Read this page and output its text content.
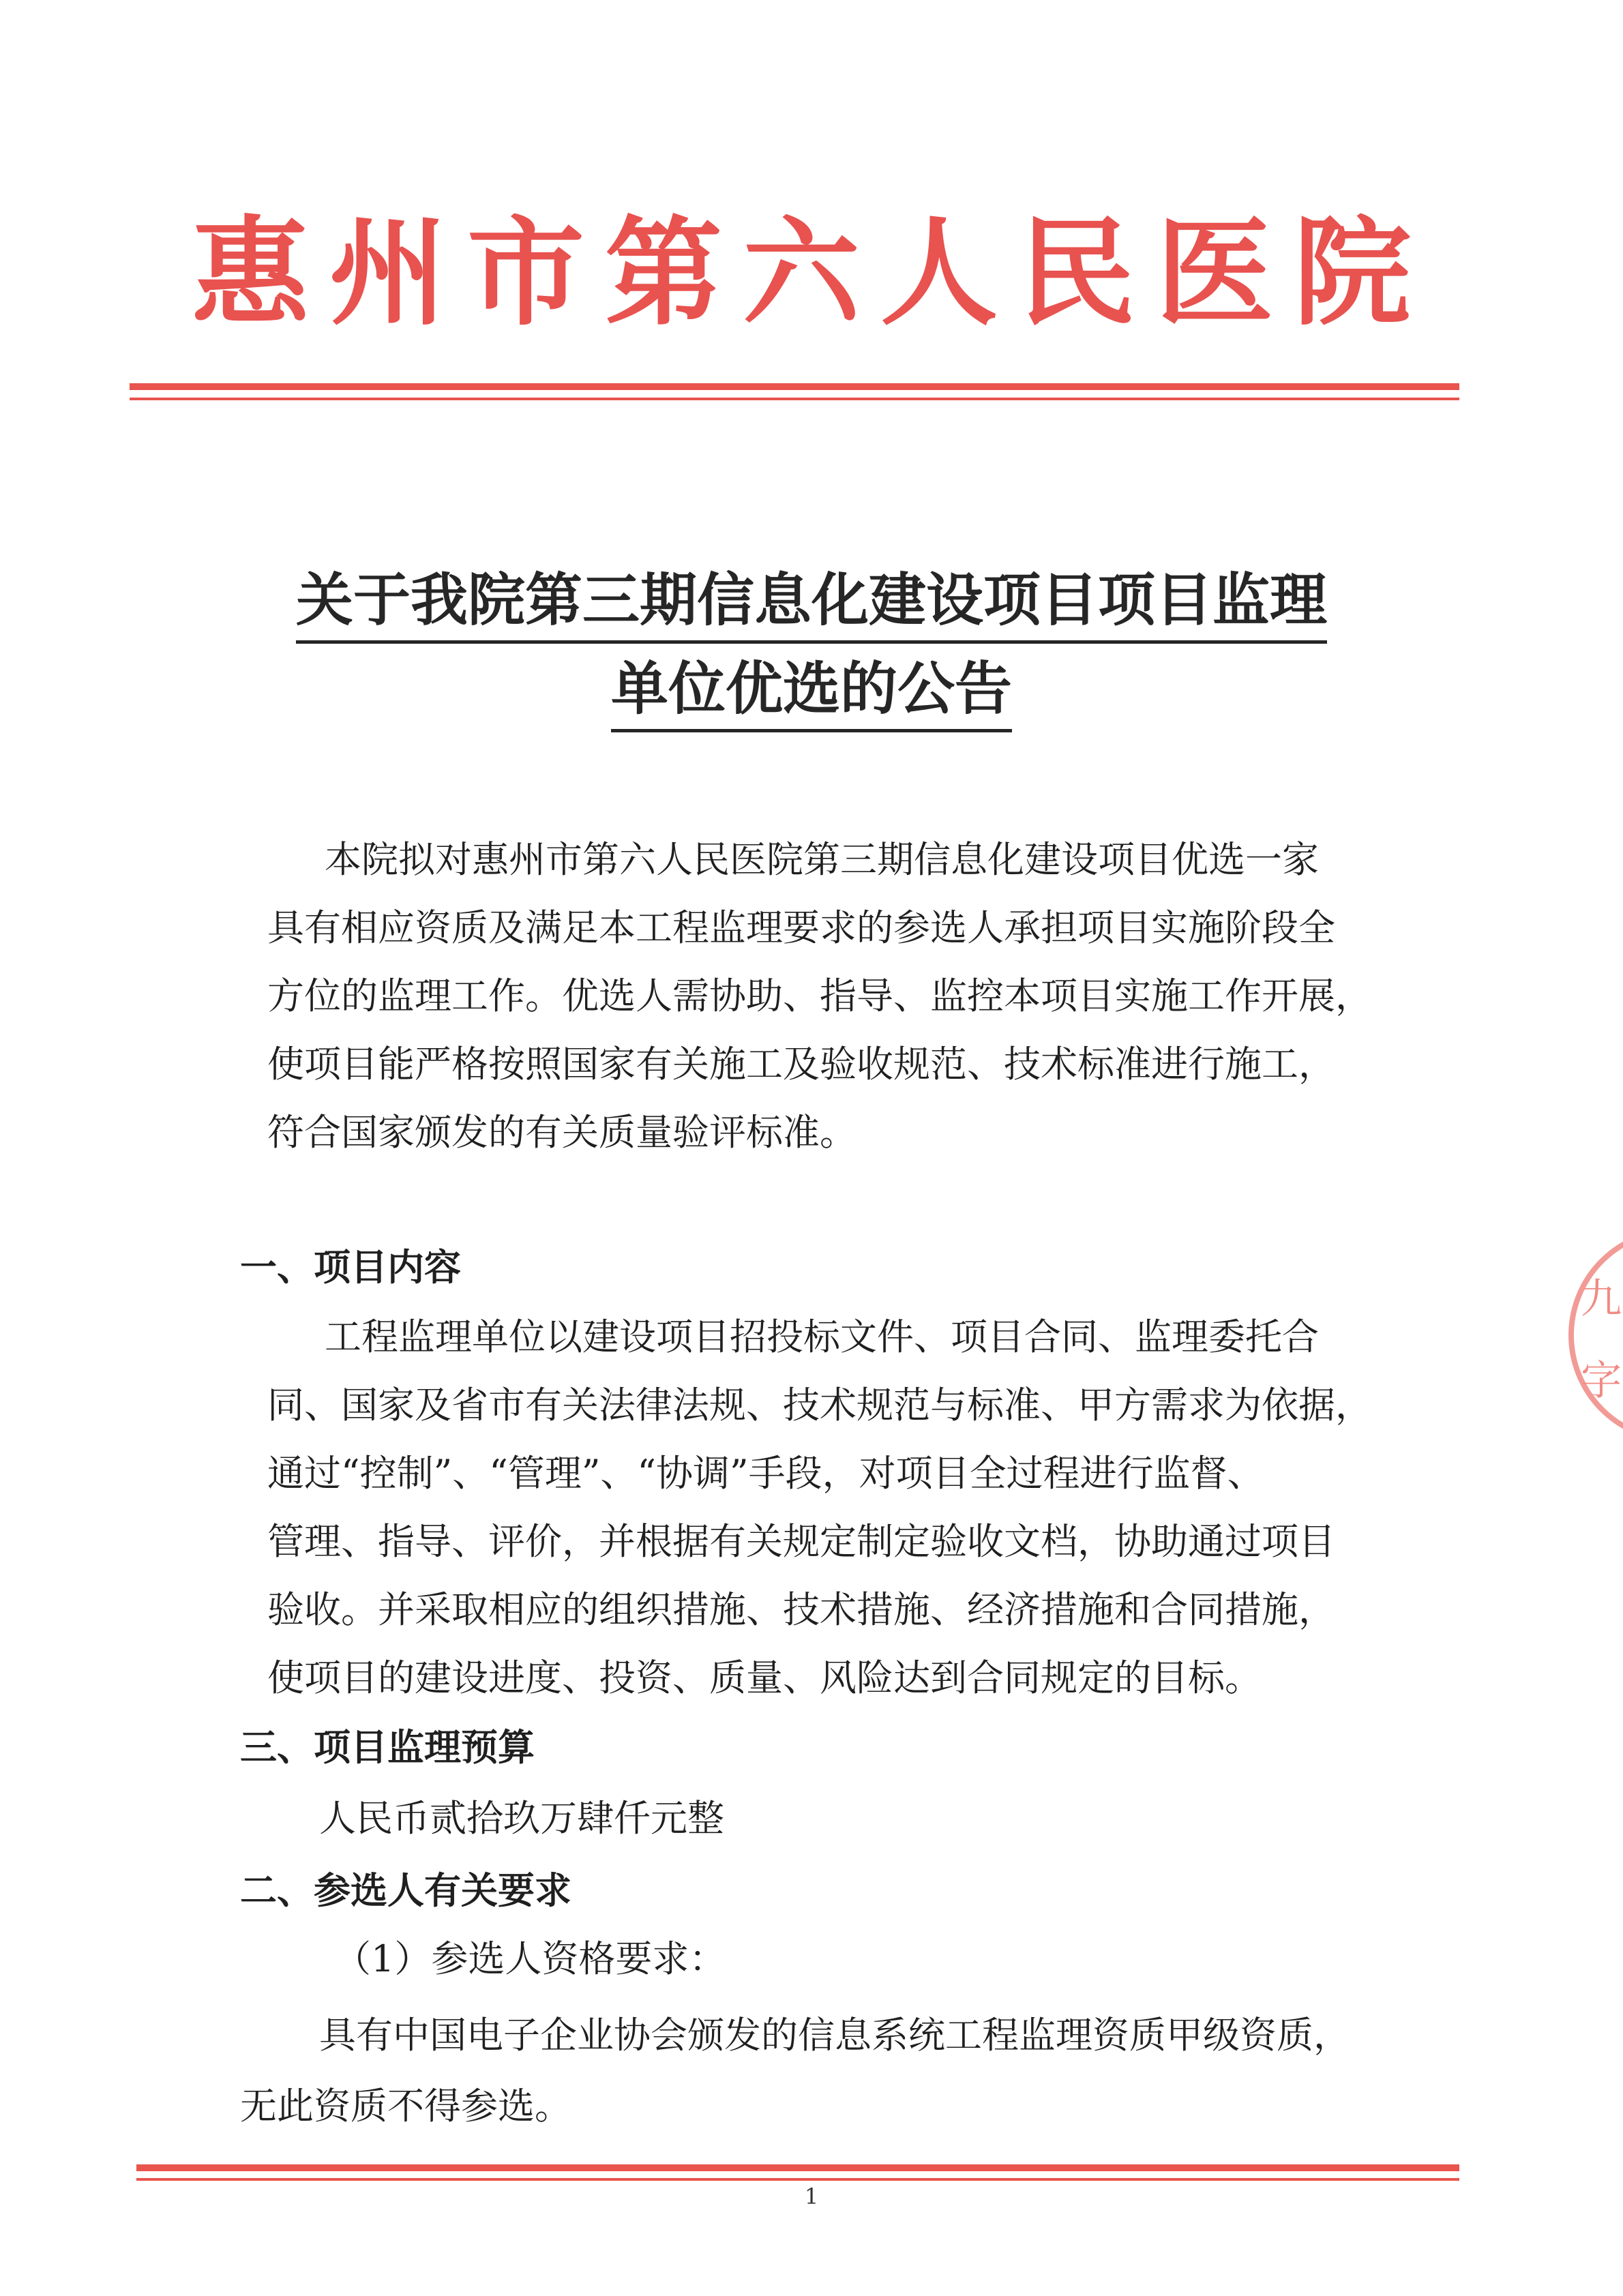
惠州市第六人民医院
关于我院第三期信息化建设项目项目监理
单位优选的公告
本院拟对惠州市第六人民医院第三期信息化建设项目优选一家
具有相应资质及满足本工程监理要求的参选人承担项目实施阶段全
方位的监理工作。优选人需协助、指导、监控本项目实施工作开展，
使项目能严格按照国家有关施工及验收规范、技术标准进行施工，
符合国家颁发的有关质量验评标准。
一、项目内容
工程监理单位以建设项目招投标文件、项目合同、监理委托合
同、国家及省市有关法律法规、技术规范与标准、甲方需求为依据，
通过“控制”、“管理”、“协调”手段，对项目全过程进行监督、
管理、指导、评价，并根据有关规定制定验收文档，协助通过项目
验收。并采取相应的组织措施、技术措施、经济措施和合同措施，
使项目的建设进度、投资、质量、风险达到合同规定的目标。
三、项目监理预算
人民币贰拾玖万肆仟元整
二、参选人有关要求
（1）参选人资格要求：
具有中国电子企业协会颁发的信息系统工程监理资质甲级资质，
无此资质不得参选。
1
九
字
